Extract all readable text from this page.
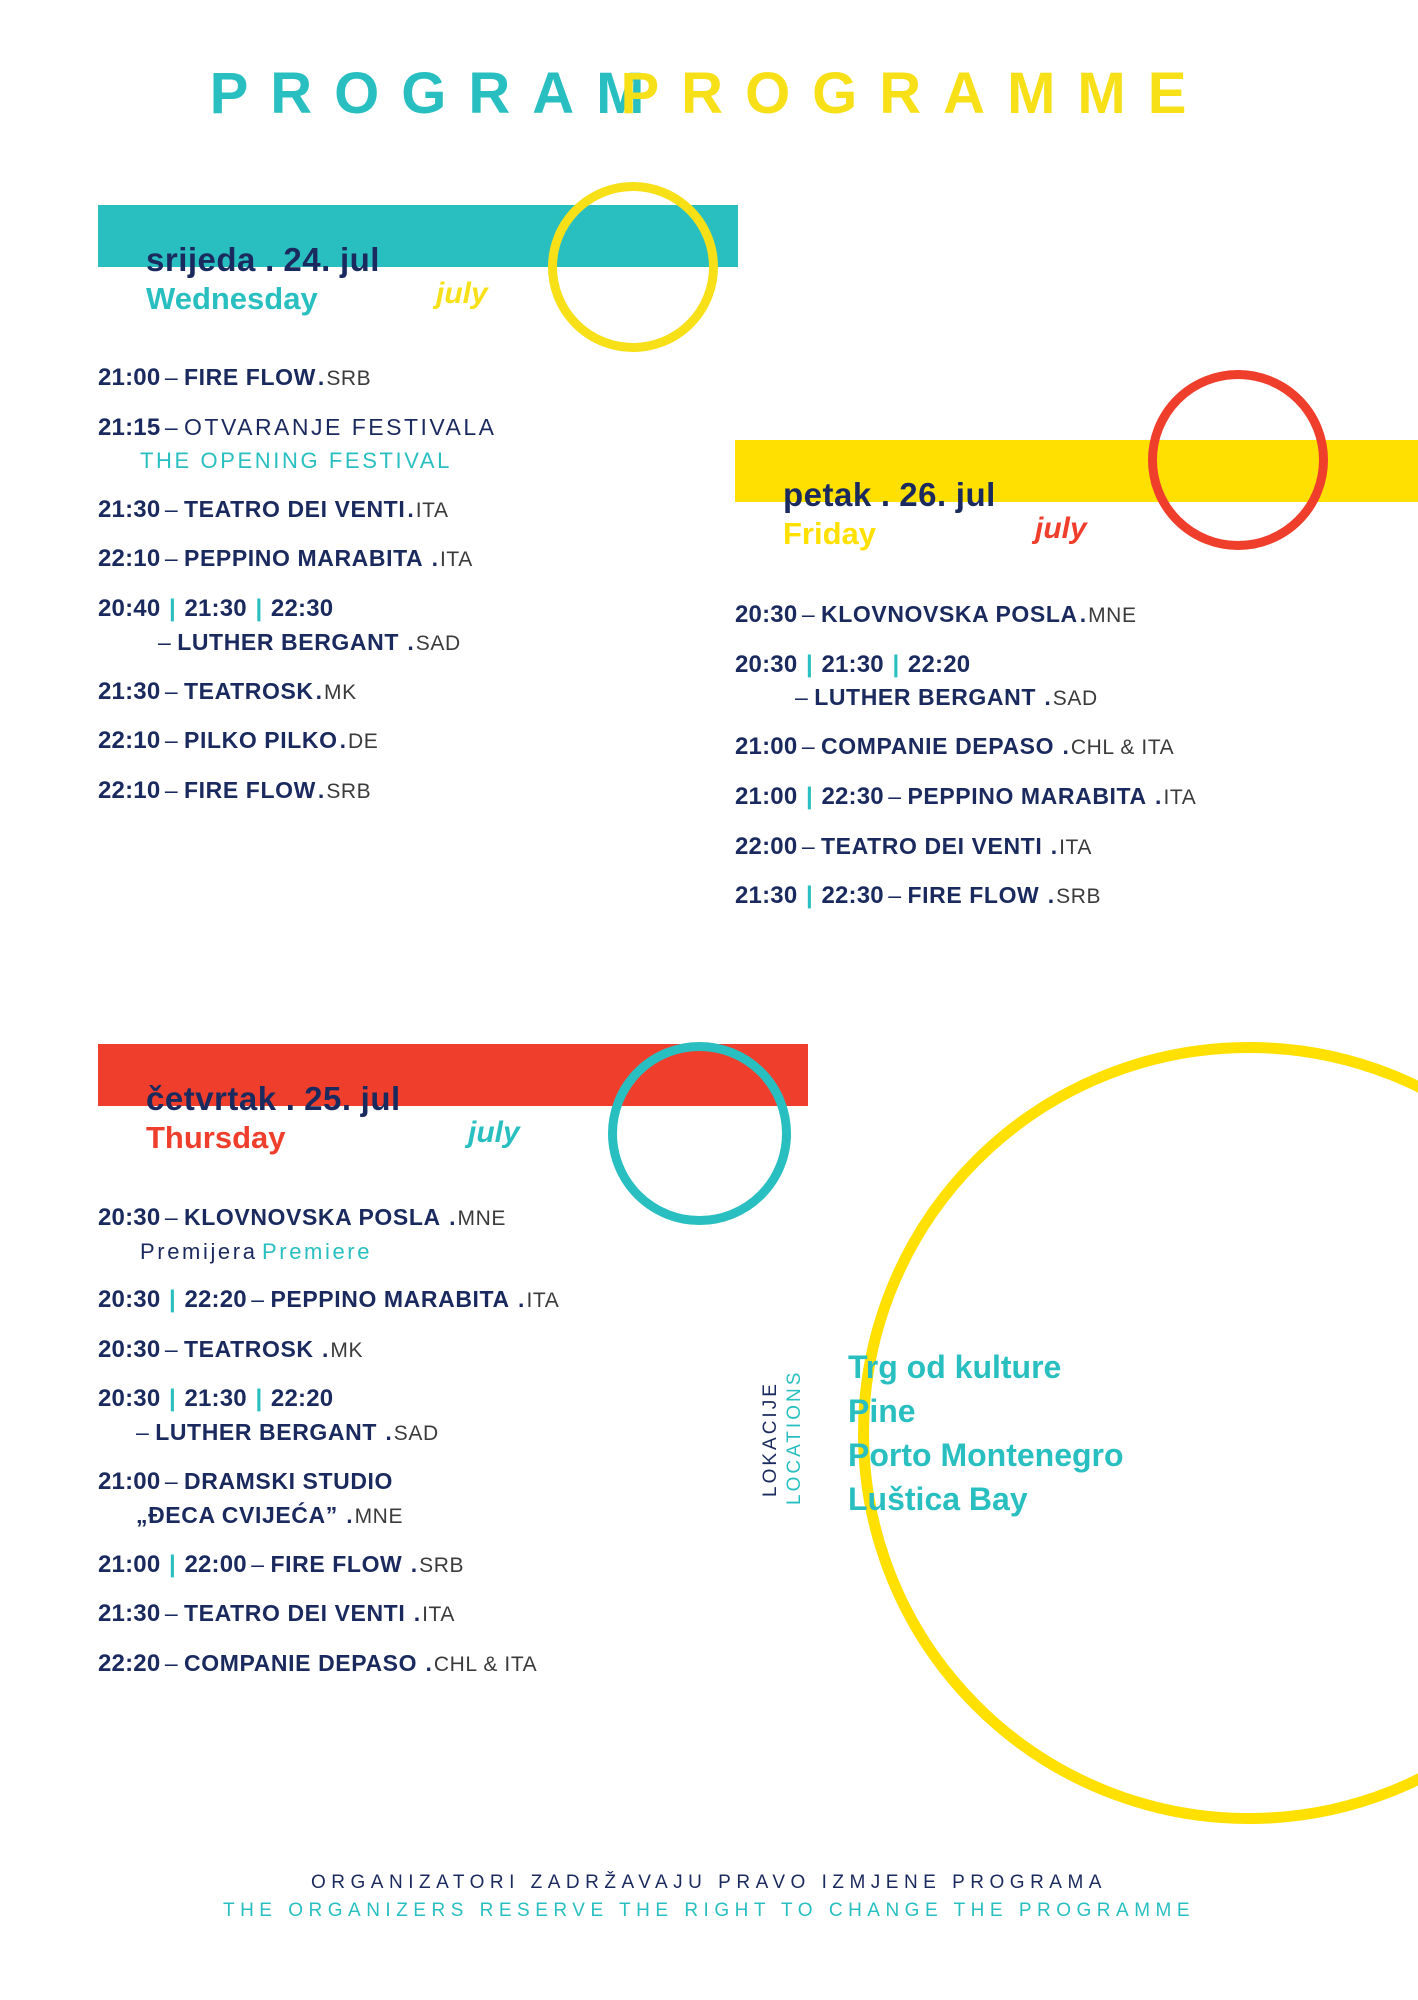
PROGRAMPROGRAMME
srijeda . 24. jul
Wednesday	july
21:00 – FIRE FLOW.SRB
21:15 – OTVARANJE FESTIVALA
THE OPENING FESTIVAL
21:30 – TEATRO DEI VENTI.ITA
22:10 – PEPPINO MARABITA .ITA
20:40 | 21:30 | 22:30
– LUTHER BERGANT .SAD
21:30 – TEATROSK.MK
22:10 – PILKO PILKO.DE
22:10 – FIRE FLOW.SRB
petak . 26. jul
Friday	july
20:30 – KLOVNOVSKA POSLA.MNE
20:30 | 21:30 | 22:20
– LUTHER BERGANT .SAD
21:00 – COMPANIE DEPASO .CHL & ITA
21:00 | 22:30 – PEPPINO MARABITA .ITA
22:00 – TEATRO DEI VENTI .ITA
21:30 | 22:30 – FIRE FLOW .SRB
četvrtak . 25. jul
Thursday	july
20:30 – KLOVNOVSKA POSLA .MNE
Premijera Premiere
20:30 | 22:20 – PEPPINO MARABITA .ITA
20:30 – TEATROSK .MK
20:30 | 21:30 | 22:20
– LUTHER BERGANT .SAD
21:00 – DRAMSKI STUDIO
„ĐECA CVIJEĆA” .MNE
21:00 | 22:00 – FIRE FLOW .SRB
21:30 – TEATRO DEI VENTI .ITA
22:20 – COMPANIE DEPASO .CHL & ITA
LOKACIJE LOCATIONS
Trg od kulture
Pine
Porto Montenegro
Luštica Bay
ORGANIZATORI ZADRŽAVAJU PRAVO IZMJENE PROGRAMA
THE ORGANIZERS RESERVE THE RIGHT TO CHANGE THE PROGRAMME
